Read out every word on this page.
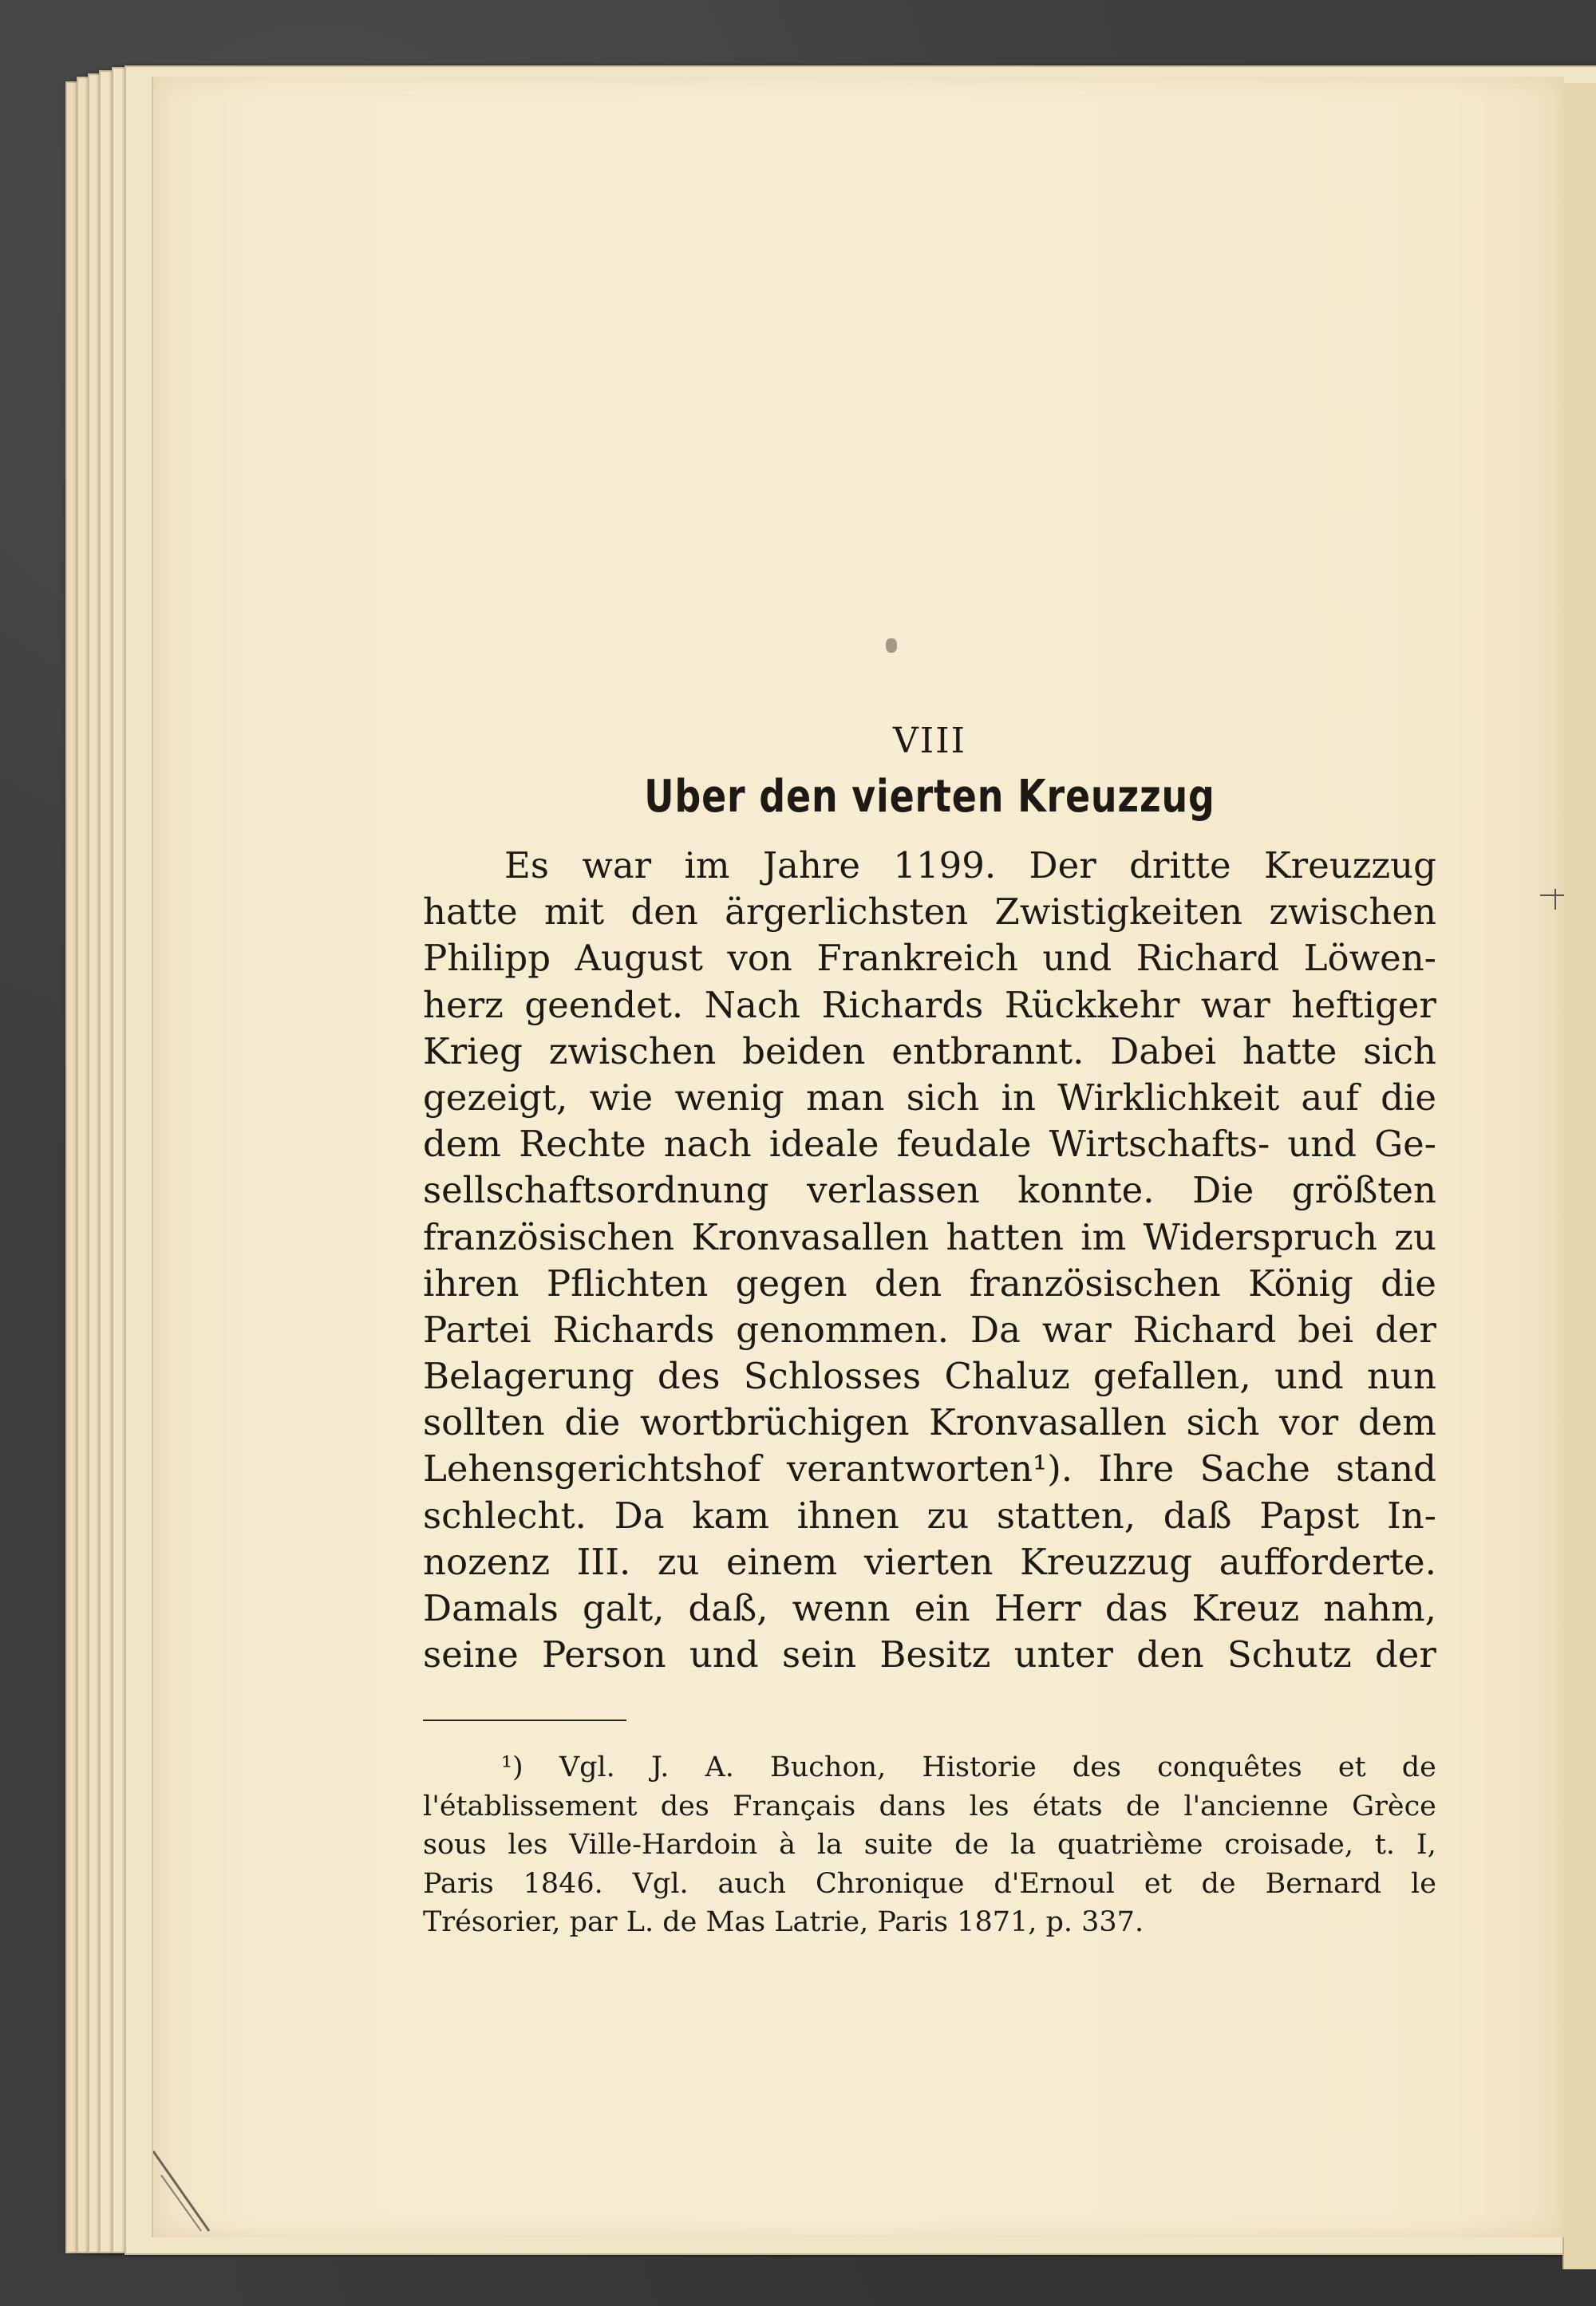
VIII
Uber den vierten Kreuzzug
Es war im Jahre 1199. Der dritte Kreuzzug
hatte mit den ärgerlichsten Zwistigkeiten zwischen
Philipp August von Frankreich und Richard Löwen-
herz geendet. Nach Richards Rückkehr war heftiger
Krieg zwischen beiden entbrannt. Dabei hatte sich
gezeigt, wie wenig man sich in Wirklichkeit auf die
dem Rechte nach ideale feudale Wirtschafts- und Ge-
sellschaftsordnung verlassen konnte. Die größten
französischen Kronvasallen hatten im Widerspruch zu
ihren Pflichten gegen den französischen König die
Partei Richards genommen. Da war Richard bei der
Belagerung des Schlosses Chaluz gefallen, und nun
sollten die wortbrüchigen Kronvasallen sich vor dem
Lehensgerichtshof verantworten¹). Ihre Sache stand
schlecht. Da kam ihnen zu statten, daß Papst In-
nozenz III. zu einem vierten Kreuzzug aufforderte.
Damals galt, daß, wenn ein Herr das Kreuz nahm,
seine Person und sein Besitz unter den Schutz der
¹) Vgl. J. A. Buchon, Historie des conquêtes et de
l'établissement des Français dans les états de l'ancienne Grèce
sous les Ville-Hardoin à la suite de la quatrième croisade, t. I,
Paris 1846. Vgl. auch Chronique d'Ernoul et de Bernard le
Trésorier, par L. de Mas Latrie, Paris 1871, p. 337.
